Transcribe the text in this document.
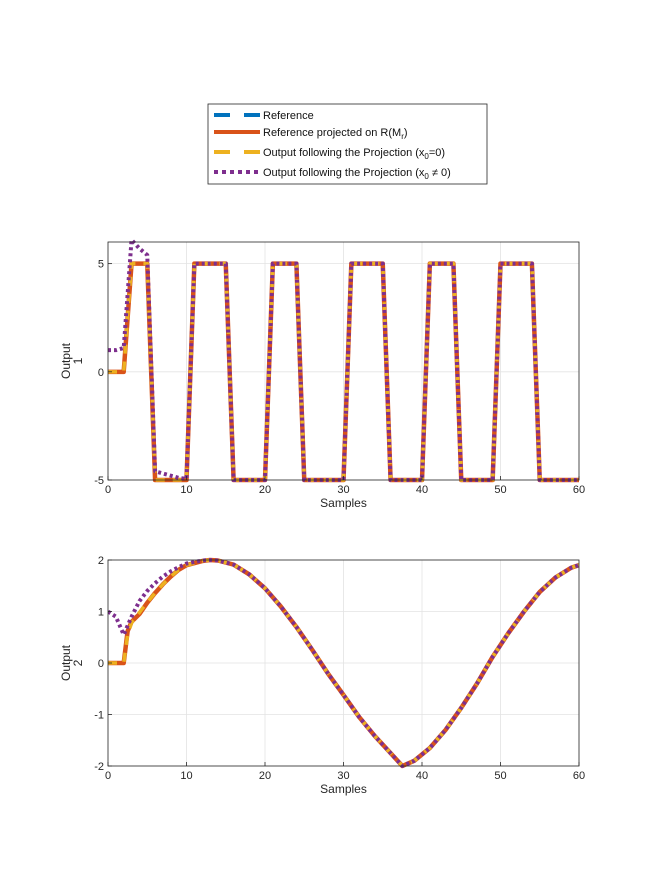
Reference
Reference projected on $R(M_r)$
Output following the Projection $(x_0=0)$
Output following the Projection $(x_0 \ne 0)$
0	10	20	30	40	50	60
-5
0
5
Samples
Output1
0	10	20	30	40	50	60
-2
-1
0
1
2
Samples
Output2
